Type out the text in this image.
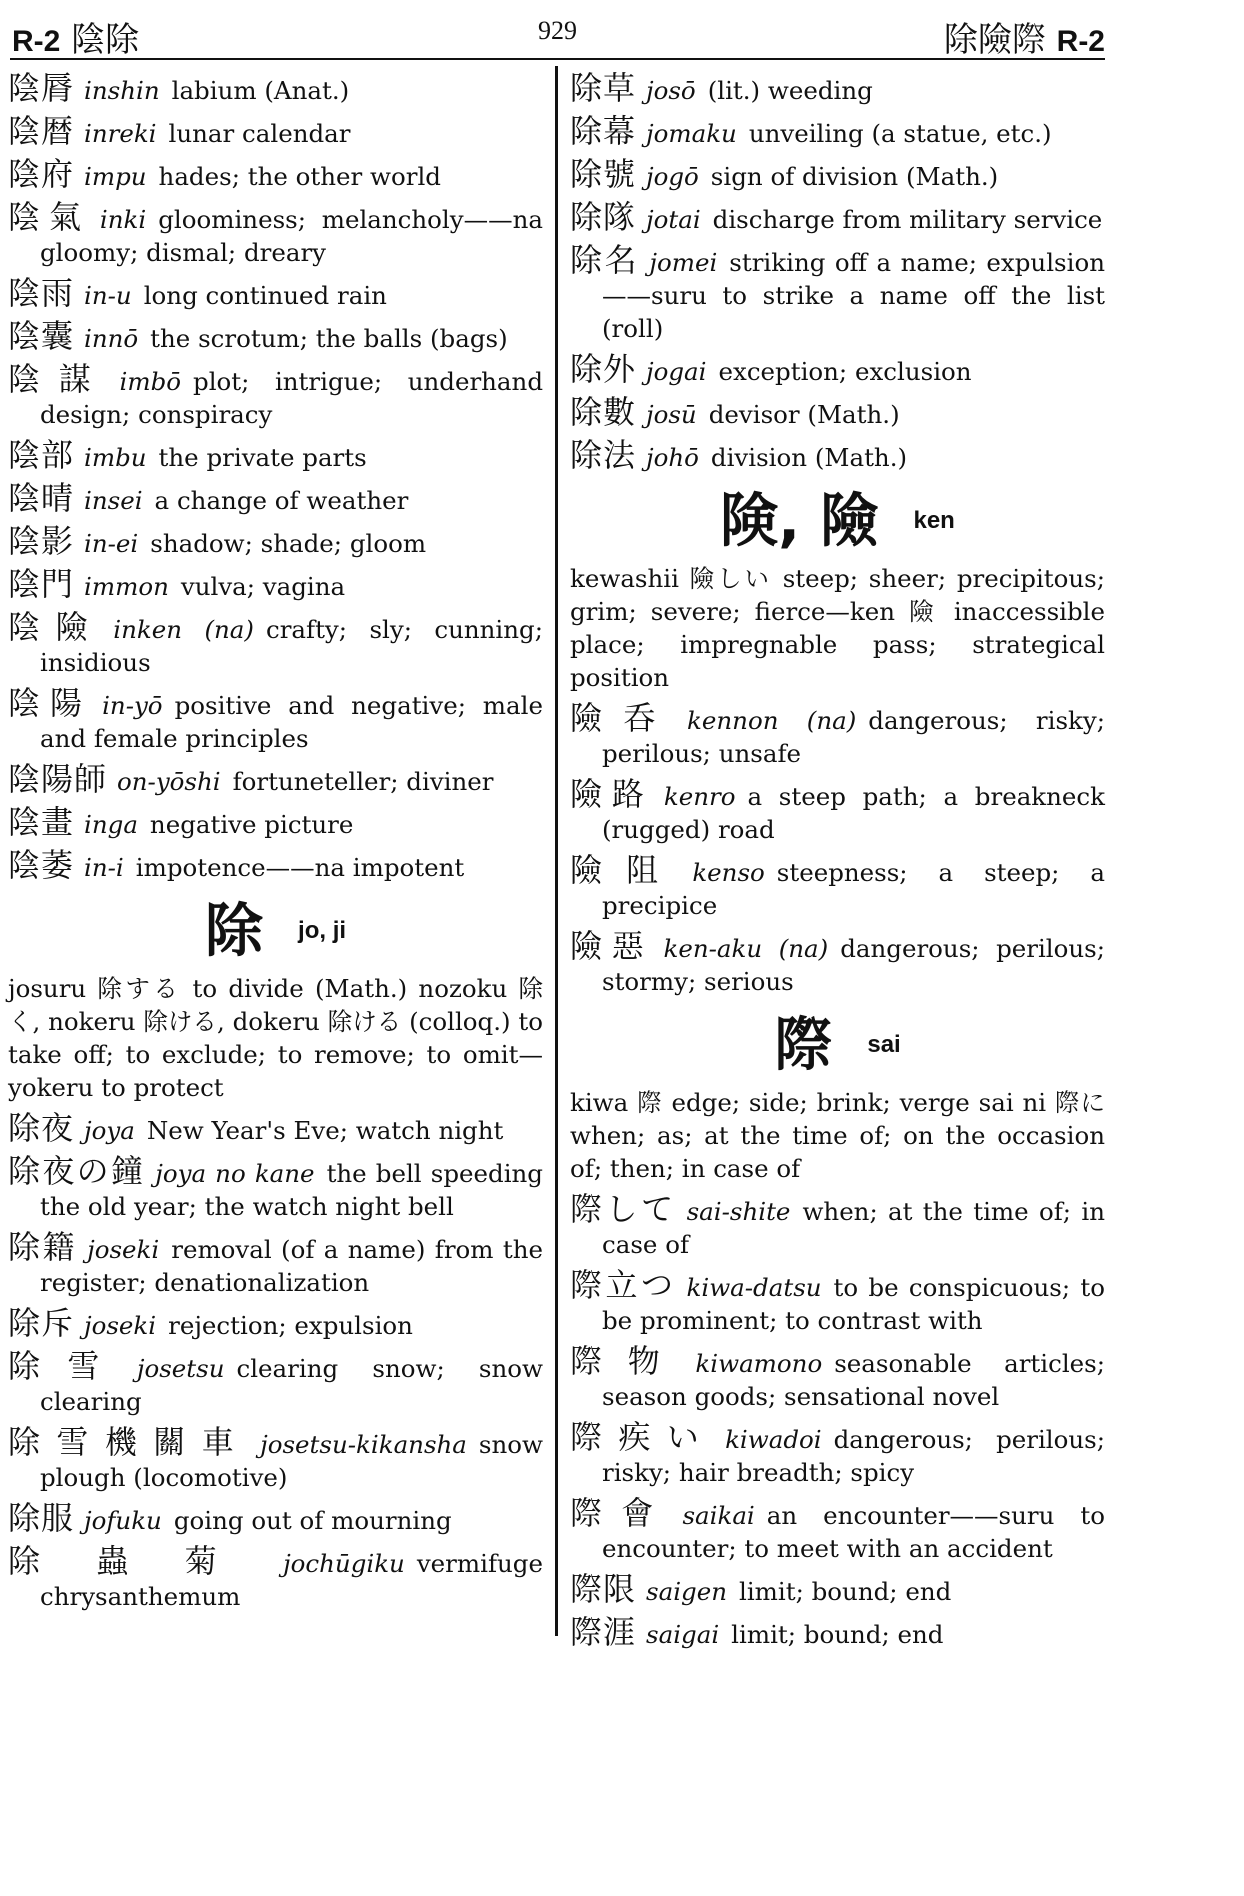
R-2 陰除	929	除險際 R-2
陰脣 inshin labium (Anat.)
陰暦 inreki lunar calendar
陰府 impu hades; the other world
陰氣 inki gloominess; melancholy——na gloomy; dismal; dreary
陰雨 in-u long continued rain
陰囊 innō the scrotum; the balls (bags)
陰謀 imbō plot; intrigue; underhand design; conspiracy
陰部 imbu the private parts
陰晴 insei a change of weather
陰影 in-ei shadow; shade; gloom
陰門 immon vulva; vagina
陰險 inken (na) crafty; sly; cunning; insidious
陰陽 in-yō positive and negative; male and female principles
陰陽師 on-yōshi fortuneteller; diviner
陰畫 inga negative picture
陰萎 in-i impotence——na impotent
除 jo, ji
josuru 除する to divide (Math.) nozoku 除く, nokeru 除ける, dokeru 除ける (colloq.) to take off; to exclude; to remove; to omit—yokeru to protect
除夜 joya New Year's Eve; watch night
除夜の鐘 joya no kane the bell speeding the old year; the watch night bell
除籍 joseki removal (of a name) from the register; denationalization
除斥 joseki rejection; expulsion
除雪 josetsu clearing snow; snow clearing
除雪機關車 josetsu-kikansha snow plough (locomotive)
除服 jofuku going out of mourning
除蟲菊 jochūgiku vermifuge chrysanthemum
除草 josō (lit.) weeding
除幕 jomaku unveiling (a statue, etc.)
除號 jogō sign of division (Math.)
除隊 jotai discharge from military service
除名 jomei striking off a name; expulsion——suru to strike a name off the list (roll)
除外 jogai exception; exclusion
除數 josū devisor (Math.)
除法 johō division (Math.)
険, 險 ken
kewashii 險しい steep; sheer; precipitous; grim; severe; fierce—ken 險 inaccessible place; impregnable pass; strategical position
險呑 kennon (na) dangerous; risky; perilous; unsafe
險路 kenro a steep path; a breakneck (rugged) road
險阻 kenso steepness; a steep; a precipice
險惡 ken-aku (na) dangerous; perilous; stormy; serious
際 sai
kiwa 際 edge; side; brink; verge sai ni 際に when; as; at the time of; on the occasion of; then; in case of
際して sai-shite when; at the time of; in case of
際立つ kiwa-datsu to be conspicuous; to be prominent; to contrast with
際物 kiwamono seasonable articles; season goods; sensational novel
際疾い kiwadoi dangerous; perilous; risky; hair breadth; spicy
際會 saikai an encounter——suru to encounter; to meet with an accident
際限 saigen limit; bound; end
際涯 saigai limit; bound; end
